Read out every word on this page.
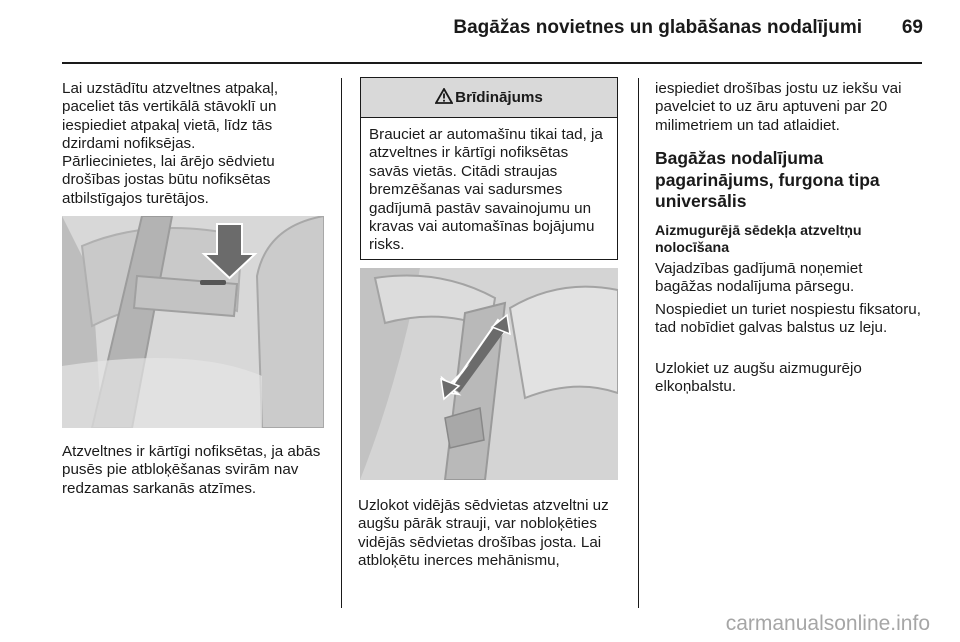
Bagāžas novietnes un glabāšanas nodalījumi	69

Lai uzstādītu atzveltnes atpakaļ, paceliet tās vertikālā stāvoklī un iespiediet atpakaļ vietā, līdz tās dzirdami nofiksējas.

Pārliecinietes, lai ārējo sēdvietu drošības jostas būtu nofiksētas atbilstīgajos turētājos.

Atzveltnes ir kārtīgi nofiksētas, ja abās pusēs pie atbloķēšanas svirām nav redzamas sarkanās atzīmes.

Brīdinājums
Brauciet ar automašīnu tikai tad, ja atzveltnes ir kārtīgi nofiksētas savās vietās. Citādi straujas bremzēšanas vai sadursmes gadījumā pastāv savainojumu un kravas vai automašīnas bojājumu risks.

Uzlokot vidējās sēdvietas atzveltni uz augšu pārāk strauji, var nobloķēties vidējās sēdvietas drošības josta. Lai atbloķētu inerces mehānismu,

iespiediet drošības jostu uz iekšu vai pavelciet to uz āru aptuveni par 20 milimetriem un tad atlaidiet.

Bagāžas nodalījuma pagarinājums, furgona tipa universālis
Aizmugurējā sēdekļa atzveltņu nolocīšana

Vajadzības gadījumā noņemiet bagāžas nodalījuma pārsegu.

Nospiediet un turiet nospiestu fiksatoru, tad nobīdiet galvas balstus uz leju.

Uzlokiet uz augšu aizmugurējo elkoņbalstu.

carmanualsonline.info
